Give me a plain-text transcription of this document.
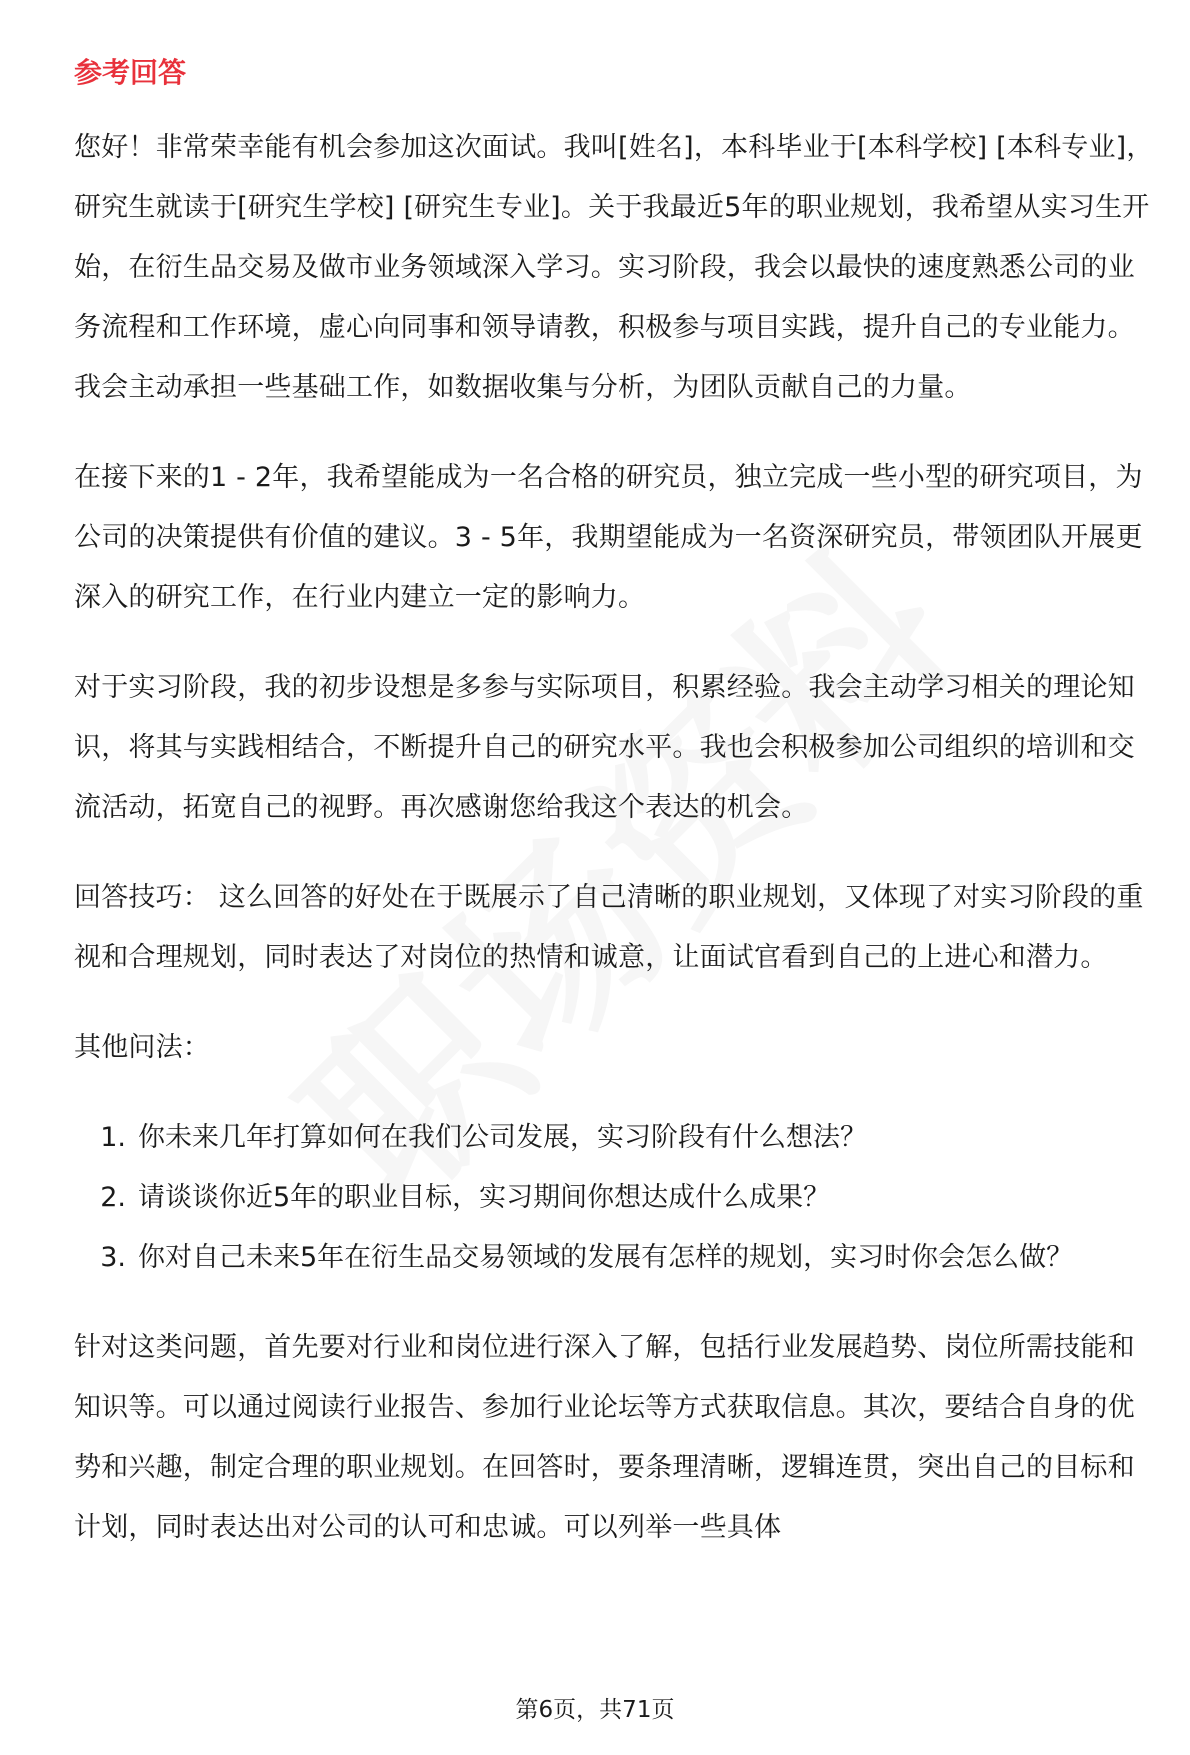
参考回答

您好！非常荣幸能有机会参加这次面试。我叫[姓名]，本科毕业于[本科学校] [本科专业]，研究生就读于[研究生学校] [研究生专业]。关于我最近5年的职业规划，我希望从实习生开始，在衍生品交易及做市业务领域深入学习。实习阶段，我会以最快的速度熟悉公司的业务流程和工作环境，虚心向同事和领导请教，积极参与项目实践，提升自己的专业能力。我会主动承担一些基础工作，如数据收集与分析，为团队贡献自己的力量。

在接下来的1 - 2年，我希望能成为一名合格的研究员，独立完成一些小型的研究项目，为公司的决策提供有价值的建议。3 - 5年，我期望能成为一名资深研究员，带领团队开展更深入的研究工作，在行业内建立一定的影响力。

对于实习阶段，我的初步设想是多参与实际项目，积累经验。我会主动学习相关的理论知识，将其与实践相结合，不断提升自己的研究水平。我也会积极参加公司组织的培训和交流活动，拓宽自己的视野。再次感谢您给我这个表达的机会。

回答技巧： 这么回答的好处在于既展示了自己清晰的职业规划，又体现了对实习阶段的重视和合理规划，同时表达了对岗位的热情和诚意，让面试官看到自己的上进心和潜力。

其他问法：

1. 你未来几年打算如何在我们公司发展，实习阶段有什么想法？
2. 请谈谈你近5年的职业目标，实习期间你想达成什么成果？
3. 你对自己未来5年在衍生品交易领域的发展有怎样的规划，实习时你会怎么做？

针对这类问题，首先要对行业和岗位进行深入了解，包括行业发展趋势、岗位所需技能和知识等。可以通过阅读行业报告、参加行业论坛等方式获取信息。其次，要结合自身的优势和兴趣，制定合理的职业规划。在回答时，要条理清晰，逻辑连贯，突出自己的目标和计划，同时表达出对公司的认可和忠诚。可以列举一些具体

第6页，共71页
